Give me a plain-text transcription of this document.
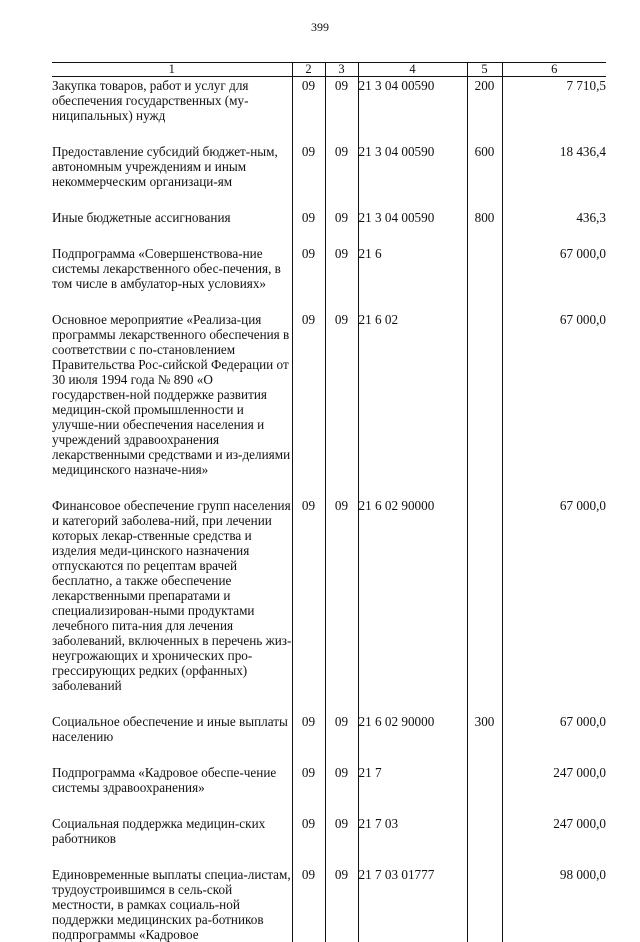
399
1	2	3	4	5	6
Закупка товаров, работ и услуг для обеспечения государственных (му-ниципальных) нужд	09	09	21 3 04 00590	200	7 710,5
Предоставление субсидий бюджет-ным, автономным учреждениям и иным некоммерческим организаци-ям	09	09	21 3 04 00590	600	18 436,4
Иные бюджетные ассигнования	09	09	21 3 04 00590	800	436,3
Подпрограмма «Совершенствова-ние системы лекарственного обес-печения, в том числе в амбулатор-ных условиях»	09	09	21 6		67 000,0
Основное мероприятие «Реализа-ция программы лекарственного обеспечения в соответствии с по-становлением Правительства Рос-сийской Федерации от 30 июля 1994 года № 890 «О государствен-ной поддержке развития медицин-ской промышленности и улучше-нии обеспечения населения и учреждений здравоохранения лекарственными средствами и из-делиями медицинского назначе-ния»	09	09	21 6 02		67 000,0
Финансовое обеспечение групп населения и категорий заболева-ний, при лечении которых лекар-ственные средства и изделия меди-цинского назначения отпускаются по рецептам врачей бесплатно, а также обеспечение лекарственными препаратами и специализирован-ными продуктами лечебного пита-ния для лечения заболеваний, включенных в перечень жиз-неугрожающих и хронических про-грессирующих редких (орфанных) заболеваний	09	09	21 6 02 90000		67 000,0
Социальное обеспечение и иные выплаты населению	09	09	21 6 02 90000	300	67 000,0
Подпрограмма «Кадровое обеспе-чение системы здравоохранения»	09	09	21 7		247 000,0
Социальная поддержка медицин-ских работников	09	09	21 7 03		247 000,0
Единовременные выплаты специа-листам, трудоустроившимся в сель-ской местности, в рамках социаль-ной поддержки медицинских ра-ботников подпрограммы «Кадровое	09	09	21 7 03 01777		98 000,0
